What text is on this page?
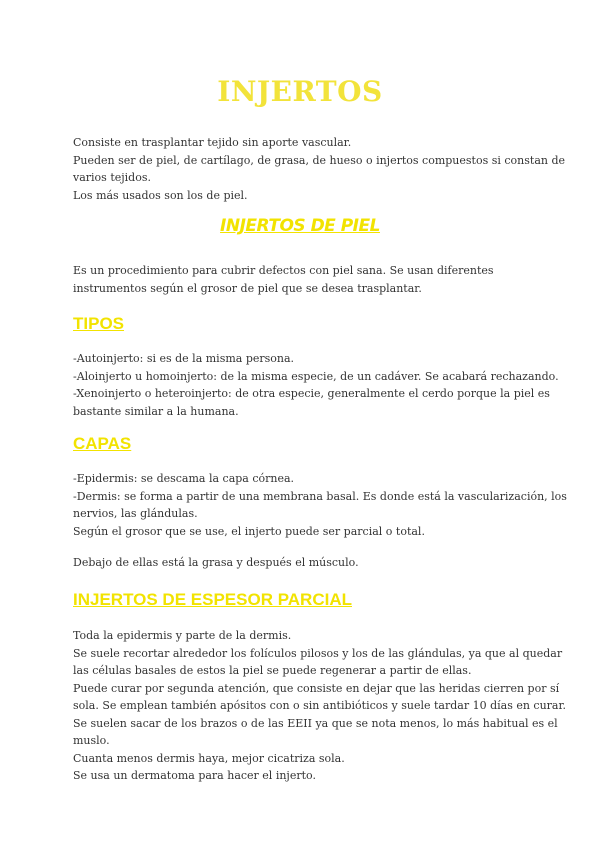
INJERTOS

Consiste en trasplantar tejido sin aporte vascular.

Pueden ser de piel, de cartílago, de grasa, de hueso o injertos compuestos si constan de

varios tejidos.

Los más usados son los de piel.

INJERTOS DE PIEL

Es un procedimiento para cubrir defectos con piel sana. Se usan diferentes

instrumentos según el grosor de piel que se desea trasplantar.

TIPOS

-Autoinjerto: si es de la misma persona.

-Aloinjerto u homoinjerto: de la misma especie, de un cadáver. Se acabará rechazando.

-Xenoinjerto o heteroinjerto: de otra especie, generalmente el cerdo porque la piel es

bastante similar a la humana.

CAPAS

-Epidermis: se descama la capa córnea.

-Dermis: se forma a partir de una membrana basal. Es donde está la vascularización, los

nervios, las glándulas.

Según el grosor que se use, el injerto puede ser parcial o total.

Debajo de ellas está la grasa y después el músculo.

INJERTOS DE ESPESOR PARCIAL

Toda la epidermis y parte de la dermis.

Se suele recortar alrededor los folículos pilosos y los de las glándulas, ya que al quedar

las células basales de estos la piel se puede regenerar a partir de ellas.

Puede curar por segunda atención, que consiste en dejar que las heridas cierren por sí

sola. Se emplean también apósitos con o sin antibióticos y suele tardar 10 días en curar.

Se suelen sacar de los brazos o de las EEII ya que se nota menos, lo más habitual es el

muslo.

Cuanta menos dermis haya, mejor cicatriza sola.

Se usa un dermatoma para hacer el injerto.
